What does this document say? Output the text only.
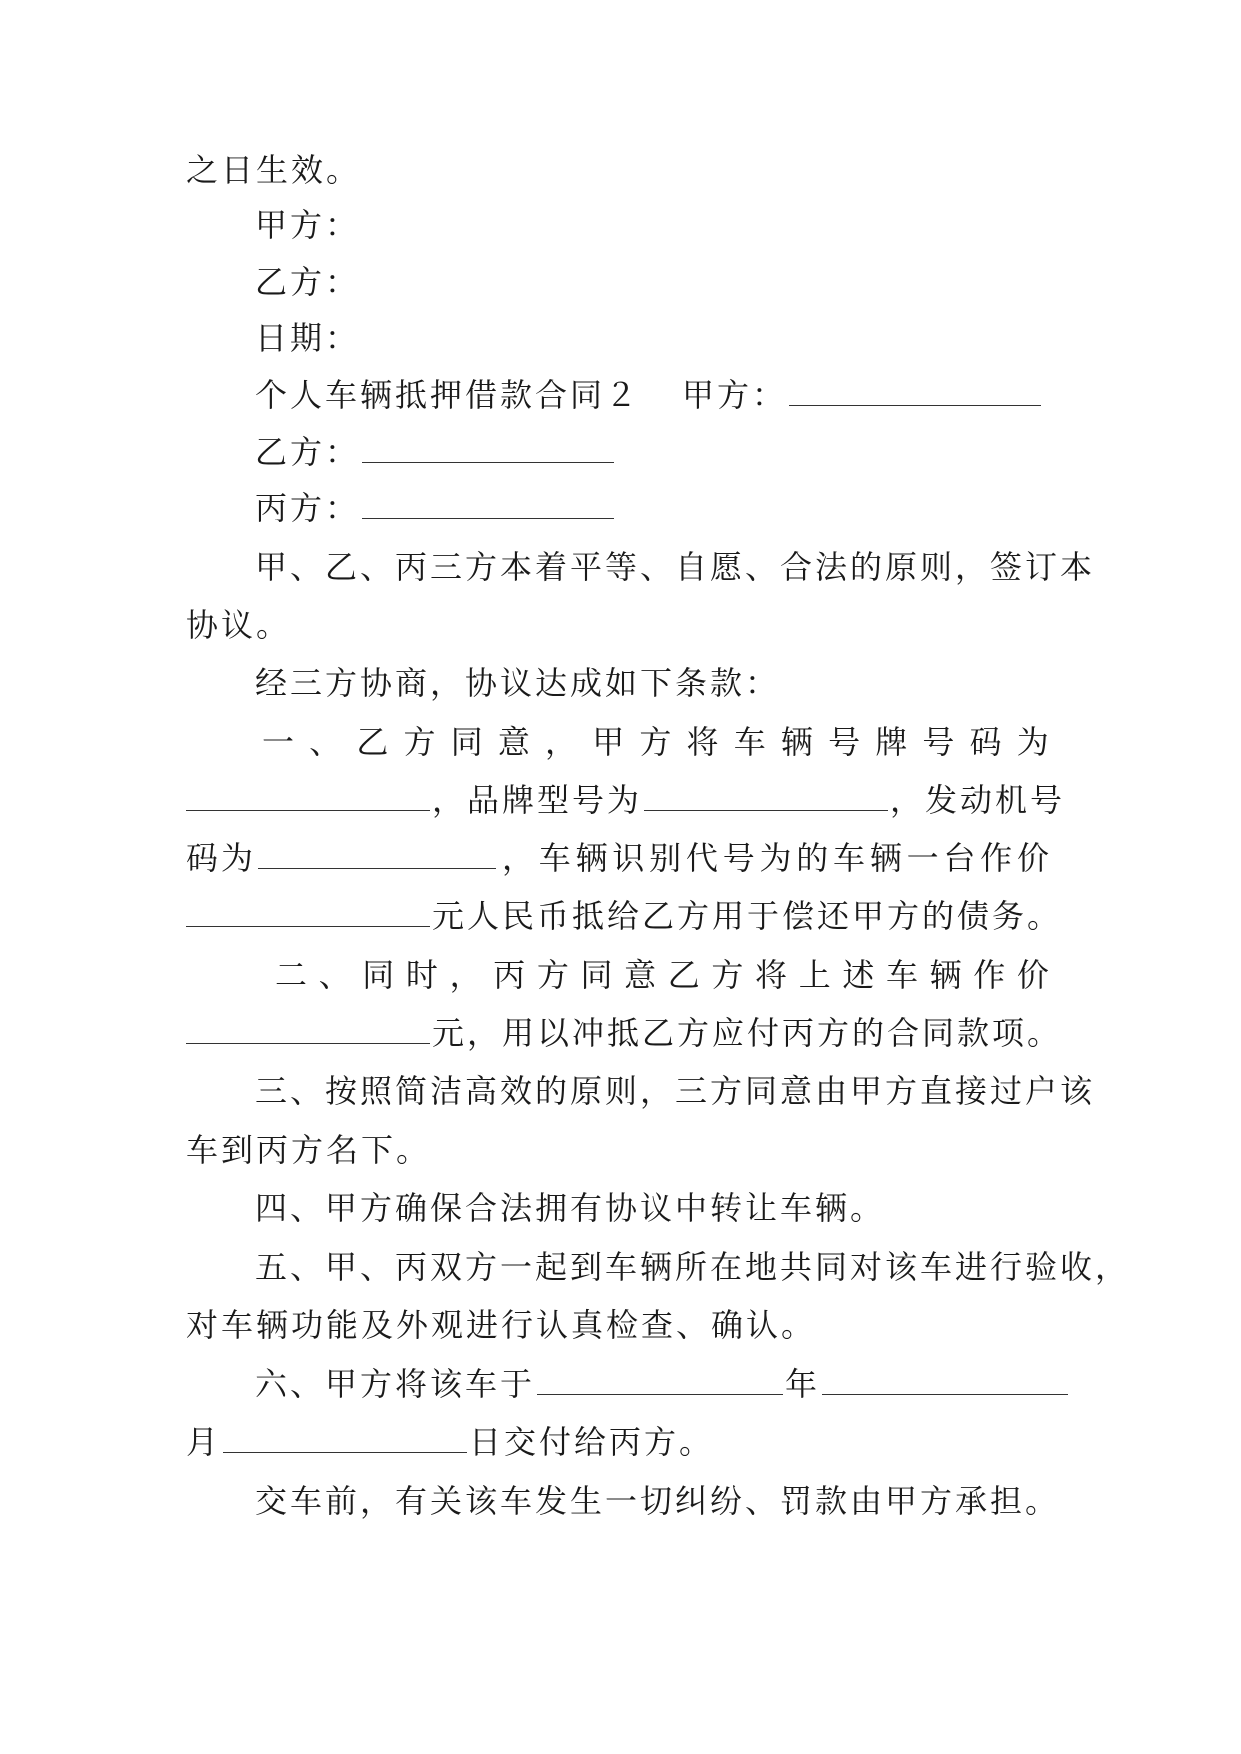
之日生效。
甲方：
乙方：
日期：
个人车辆抵押借款合同２ 甲方：
乙方：
丙方：
甲、乙、丙三方本着平等、自愿、合法的原则，签订本
协议。
经三方协商，协议达成如下条款：
一 、 乙 方 同 意 ， 甲 方 将 车 辆 号 牌 号 码 为
，品牌型号为	，发动机号
码为	， 车 辆 识 别 代 号 为 的 车 辆 一 台 作 价
元人民币抵给乙方用于偿还甲方的债务。
二 、 同 时 ， 丙 方 同 意 乙 方 将 上 述 车 辆 作 价
元，用以冲抵乙方应付丙方的合同款项。
三、按照简洁高效的原则，三方同意由甲方直接过户该
车到丙方名下。
四、甲方确保合法拥有协议中转让车辆。
五、甲、丙双方一起到车辆所在地共同对该车进行验收，
对车辆功能及外观进行认真检查、确认。
六、甲方将该车于	年
月	日交付给丙方。
交车前，有关该车发生一切纠纷、罚款由甲方承担。
